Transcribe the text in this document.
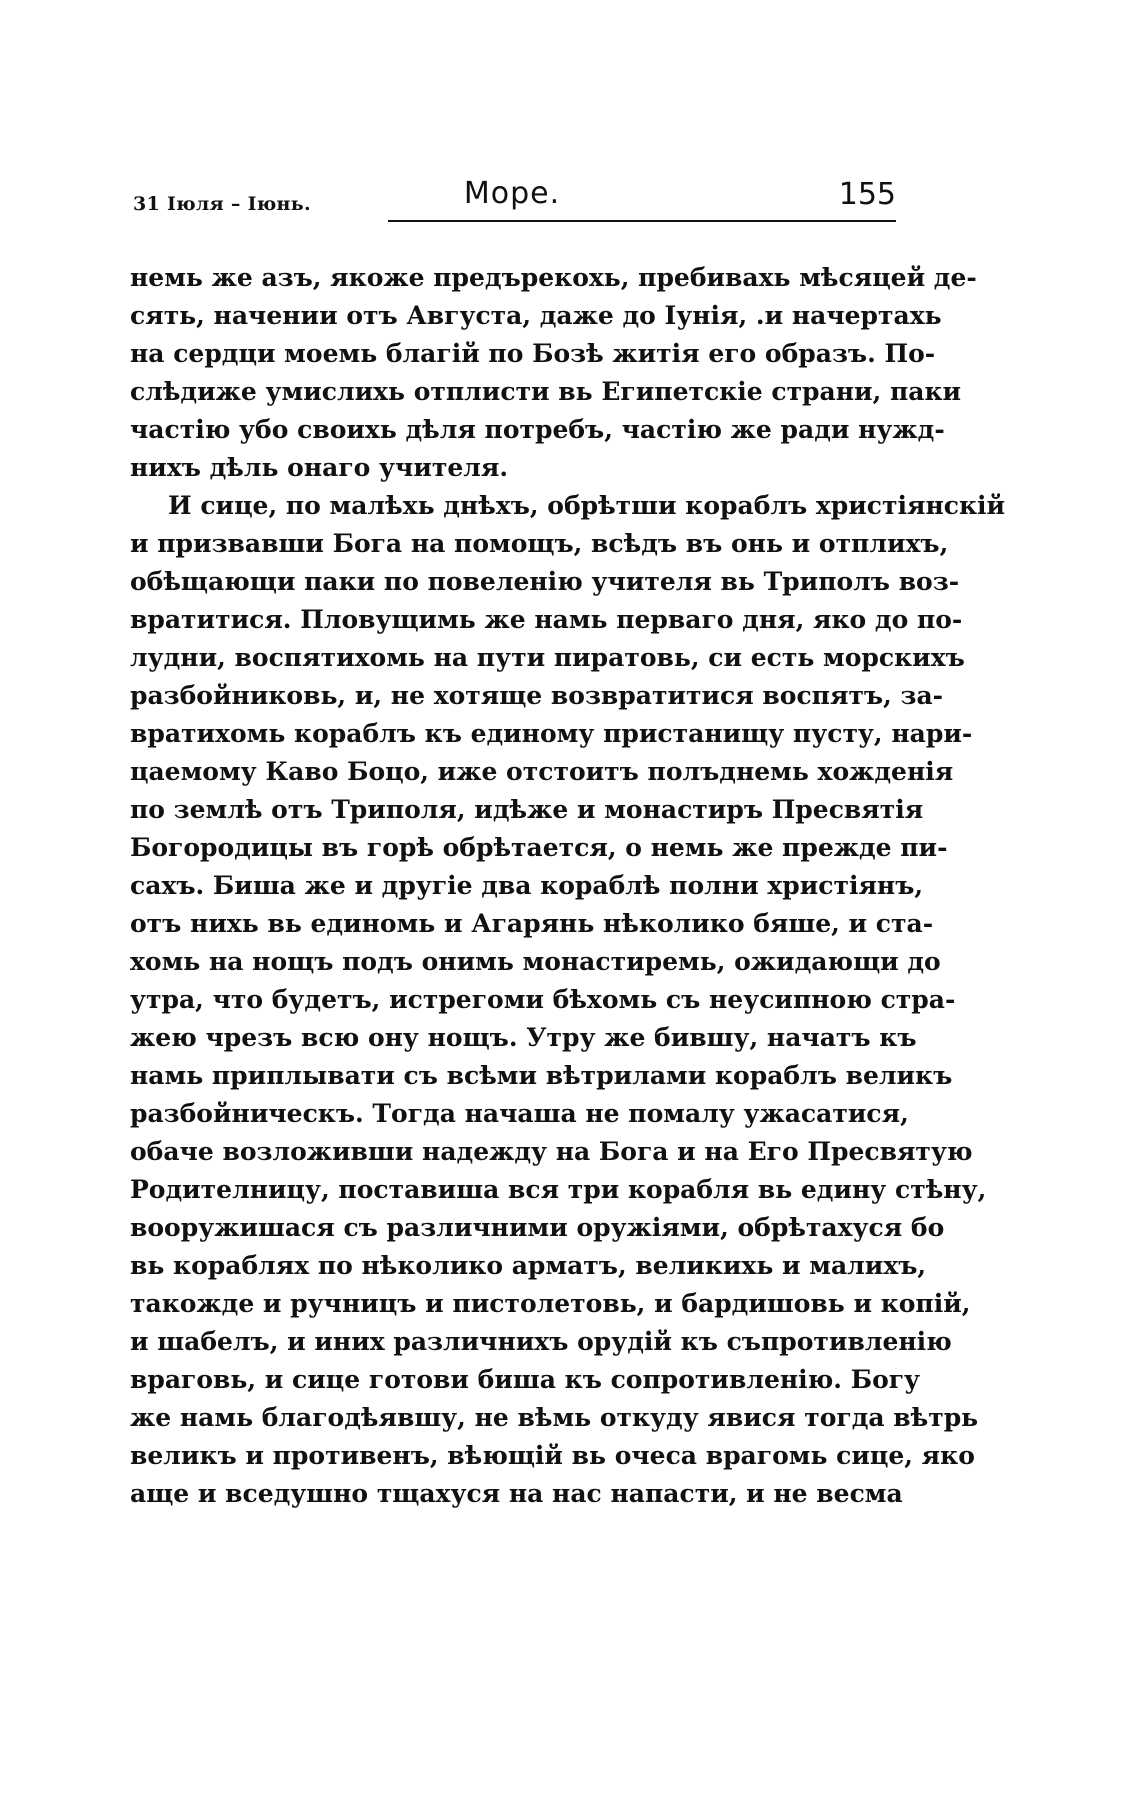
31 Іюля – Іюнь.	Море.	155
немь же азъ, якоже предърекохь, пребивахь мѣсяцей де-
сять, начении отъ Августа, даже до Іунія, .и начертахь
на сердци моемь благій по Бозѣ житія его образъ. По-
слѣдиже умислихь отплисти вь Египетскіе страни, паки
частію убо своихь дѣля потребъ, частію же ради нужд-
нихъ дѣль онаго учителя.
И сице, по малѣхь днѣхъ, обрѣтши кораблъ христіянскій
и призвавши Бога на помощъ, вcѣдъ въ онь и отплихъ,
обѣщающи паки по повеленію учителя вь Триполъ воз-
вратитися. Пловущимь же намь перваго дня, яко до по-
лудни, воспятихомь на пути пиратовь, си есть морскихъ
разбойниковь, и, не хотяще возвратитися воспятъ, за-
вратихомь кораблъ къ единому пристанищу пусту, нари-
цаемому Каво Боцо, иже отстоитъ полъднемь хожденія
по землѣ отъ Триполя, идѣже и монастиръ Пресвятія
Богородицы въ горѣ обрѣтается, о немь же прежде пи-
сахъ. Биша же и другіе два кораблѣ полни христіянъ,
отъ нихь вь единомь и Агарянь нѣколико бяше, и ста-
хомь на нощъ подъ онимь монастиремь, ожидающи до
утра, что будетъ, истрегоми бѣхомь съ неусипною стра-
жею чрезъ всю ону нощъ. Утру же бившу, начатъ къ
намь приплывати съ всѣми вѣтрилами кораблъ великъ
разбойническъ. Тогда начаша не помалу ужасатися,
обаче возложивши надежду на Бога и на Его Пресвятую
Родителницу, поставиша вся три корабля вь едину стѣну,
вооружишася съ различними оружіями, обрѣтахуся бо
вь кораблях по нѣколико арматъ, великихь и малихъ,
такожде и ручницъ и пистолетовь, и бардишовь и копій,
и шабелъ, и иних различнихъ орудій къ съпротивленію
враговь, и сице готови биша къ сопротивленію. Богу
же намь благодѣявшу, не вѣмь откуду явися тогда вѣтрь
великъ и противенъ, вѣющій вь очеса врагомь сице, яко
аще и вседушно тщахуся на нас напасти, и не весма
